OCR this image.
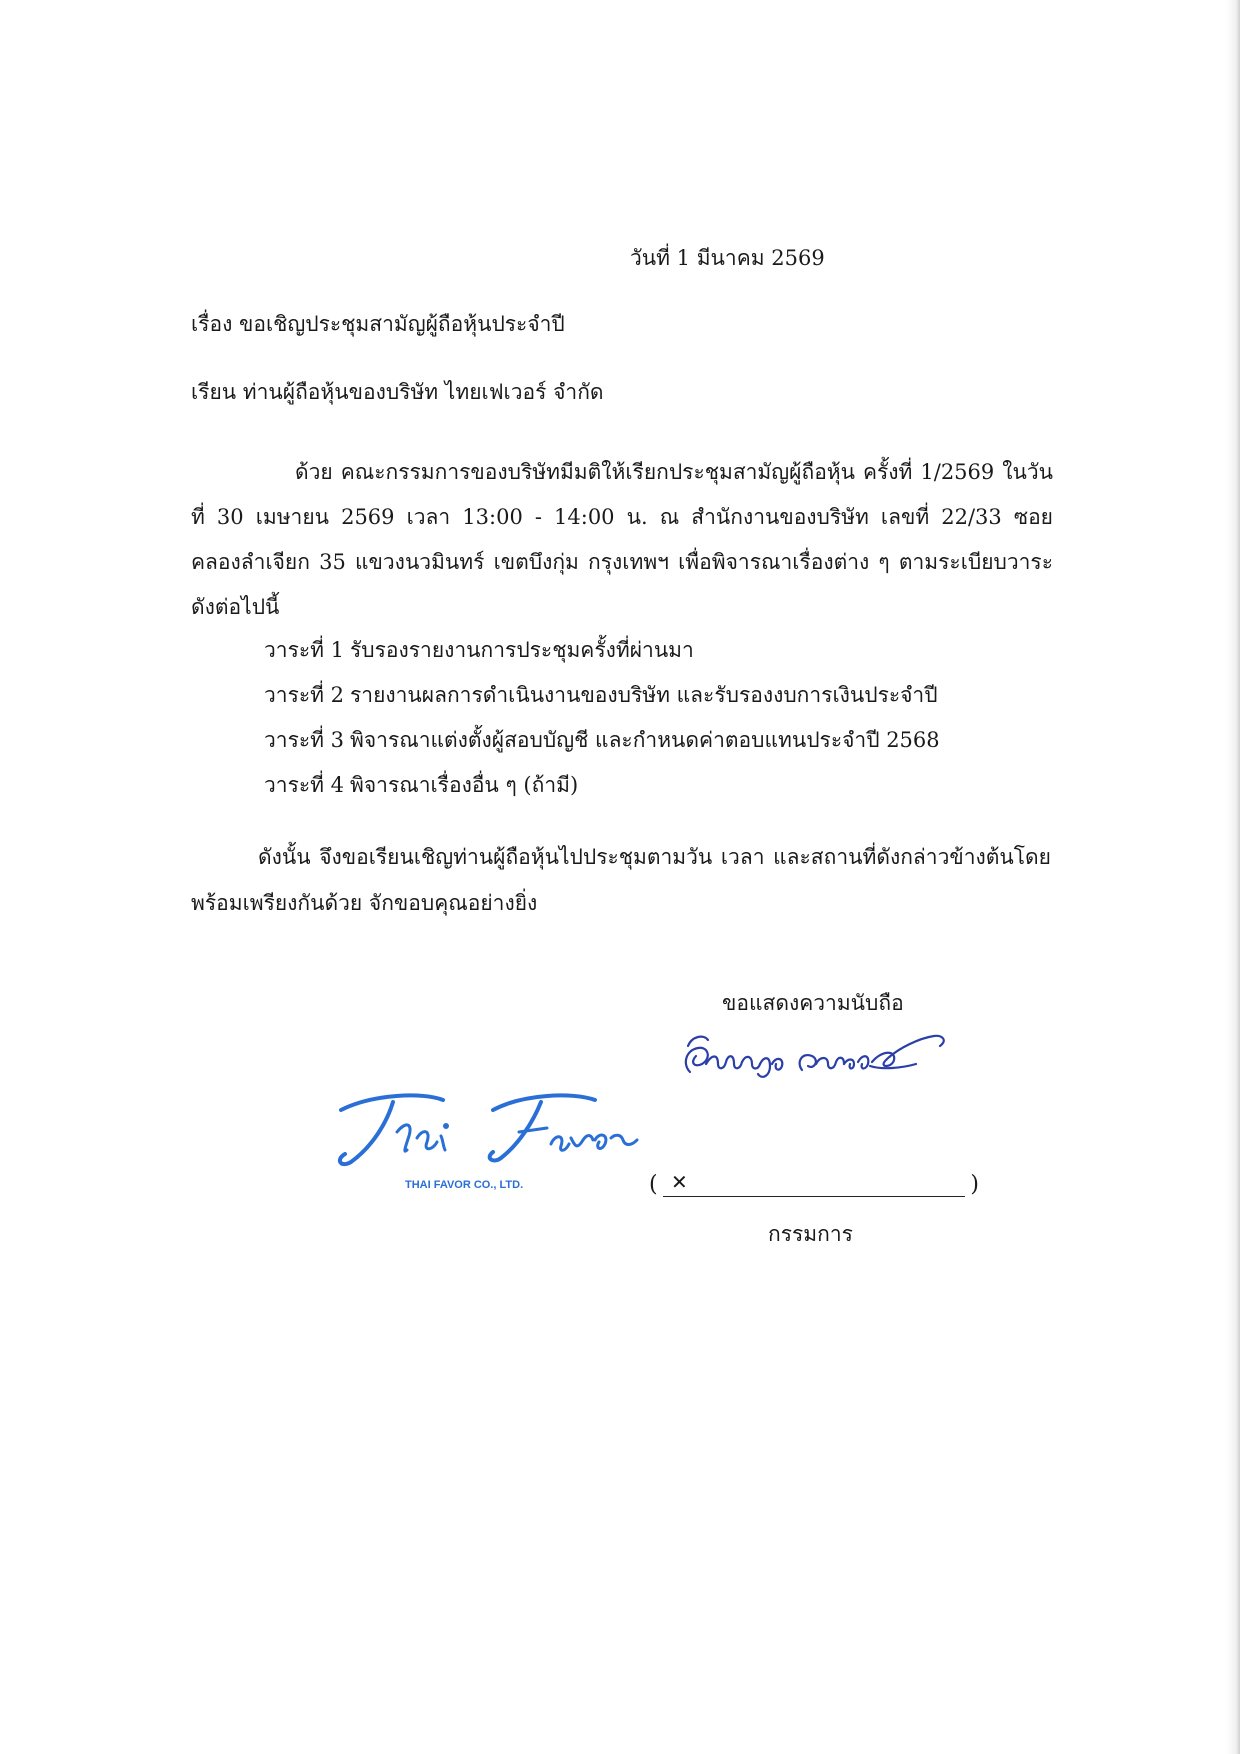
วันที่ 1 มีนาคม 2569
เรื่อง ขอเชิญประชุมสามัญผู้ถือหุ้นประจำปี
เรียน ท่านผู้ถือหุ้นของบริษัท ไทยเฟเวอร์ จำกัด
ด้วย คณะกรรมการของบริษัทมีมติให้เรียกประชุมสามัญผู้ถือหุ้น ครั้งที่ 1/2569 ในวันที่ 30 เมษายน 2569 เวลา 13:00 - 14:00 น. ณ สำนักงานของบริษัท เลขที่ 22/33 ซอยคลองลำเจียก 35 แขวงนวมินทร์ เขตบึงกุ่ม กรุงเทพฯ เพื่อพิจารณาเรื่องต่าง ๆ ตามระเบียบวาระดังต่อไปนี้
วาระที่ 1 รับรองรายงานการประชุมครั้งที่ผ่านมา
วาระที่ 2 รายงานผลการดำเนินงานของบริษัท และรับรองงบการเงินประจำปี
วาระที่ 3 พิจารณาแต่งตั้งผู้สอบบัญชี และกำหนดค่าตอบแทนประจำปี 2568
วาระที่ 4 พิจารณาเรื่องอื่น ๆ (ถ้ามี)
ดังนั้น จึงขอเรียนเชิญท่านผู้ถือหุ้นไปประชุมตามวัน เวลา และสถานที่ดังกล่าวข้างต้นโดยพร้อมเพรียงกันด้วย จักขอบคุณอย่างยิ่ง
ขอแสดงความนับถือ
THAI FAVOR CO., LTD.	( ✕	)
กรรมการ
